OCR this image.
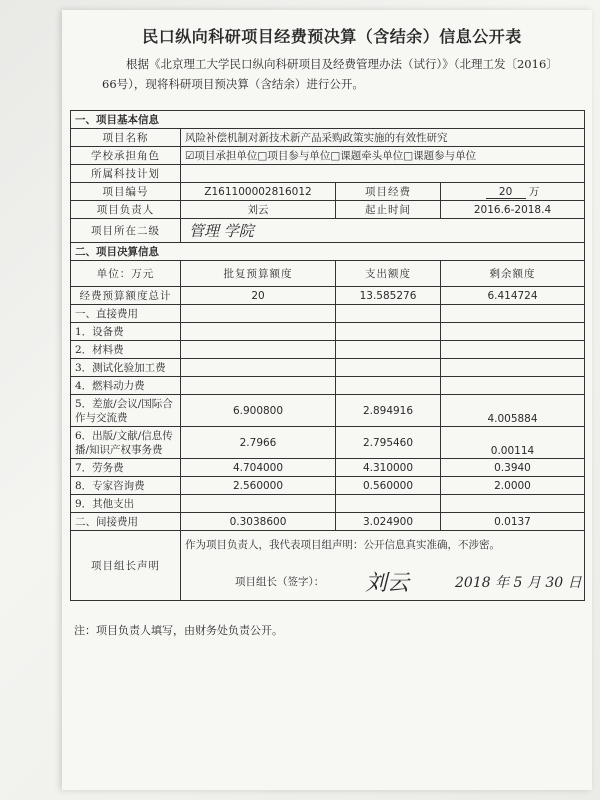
民口纵向科研项目经费预决算（含结余）信息公开表
根据《北京理工大学民口纵向科研项目及经费管理办法（试行）》（北理工发〔2016〕66号），现将科研项目预决算（含结余）进行公开。
一、项目基本信息			
项目名称	风险补偿机制对新技术新产品采购政策实施的有效性研究		
学校承担角色	☑项目承担单位□项目参与单位□课题牵头单位□课题参与单位		
所属科技计划			
项目编号	Z161100002816012	项目经费	20 万
项目负责人	刘云	起止时间	2016.6-2018.4
项目所在二级	管理 学院		
二、项目决算信息			
单位：万元	批复预算额度	支出额度	剩余额度
经费预算额度总计	20	13.585276	6.414724
一、直接费用			
1．设备费			
2．材料费			
3．测试化验加工费			
4．燃料动力费			
5．差旅/会议/国际合作与交流费	6.900800	2.894916	4.005884
6．出版/文献/信息传播/知识产权事务费	2.7966	2.795460	0.00114
7．劳务费	4.704000	4.310000	0.3940
8．专家咨询费	2.560000	0.560000	2.0000
9．其他支出			
二、间接费用	0.3038600	3.024900	0.0137
项目组长声明	作为项目负责人，我代表项目组声明：公开信息真实准确，不涉密。
项目组长（签字）： 刘云 2018 年 5 月 30 日		
注：项目负责人填写，由财务处负责公开。
